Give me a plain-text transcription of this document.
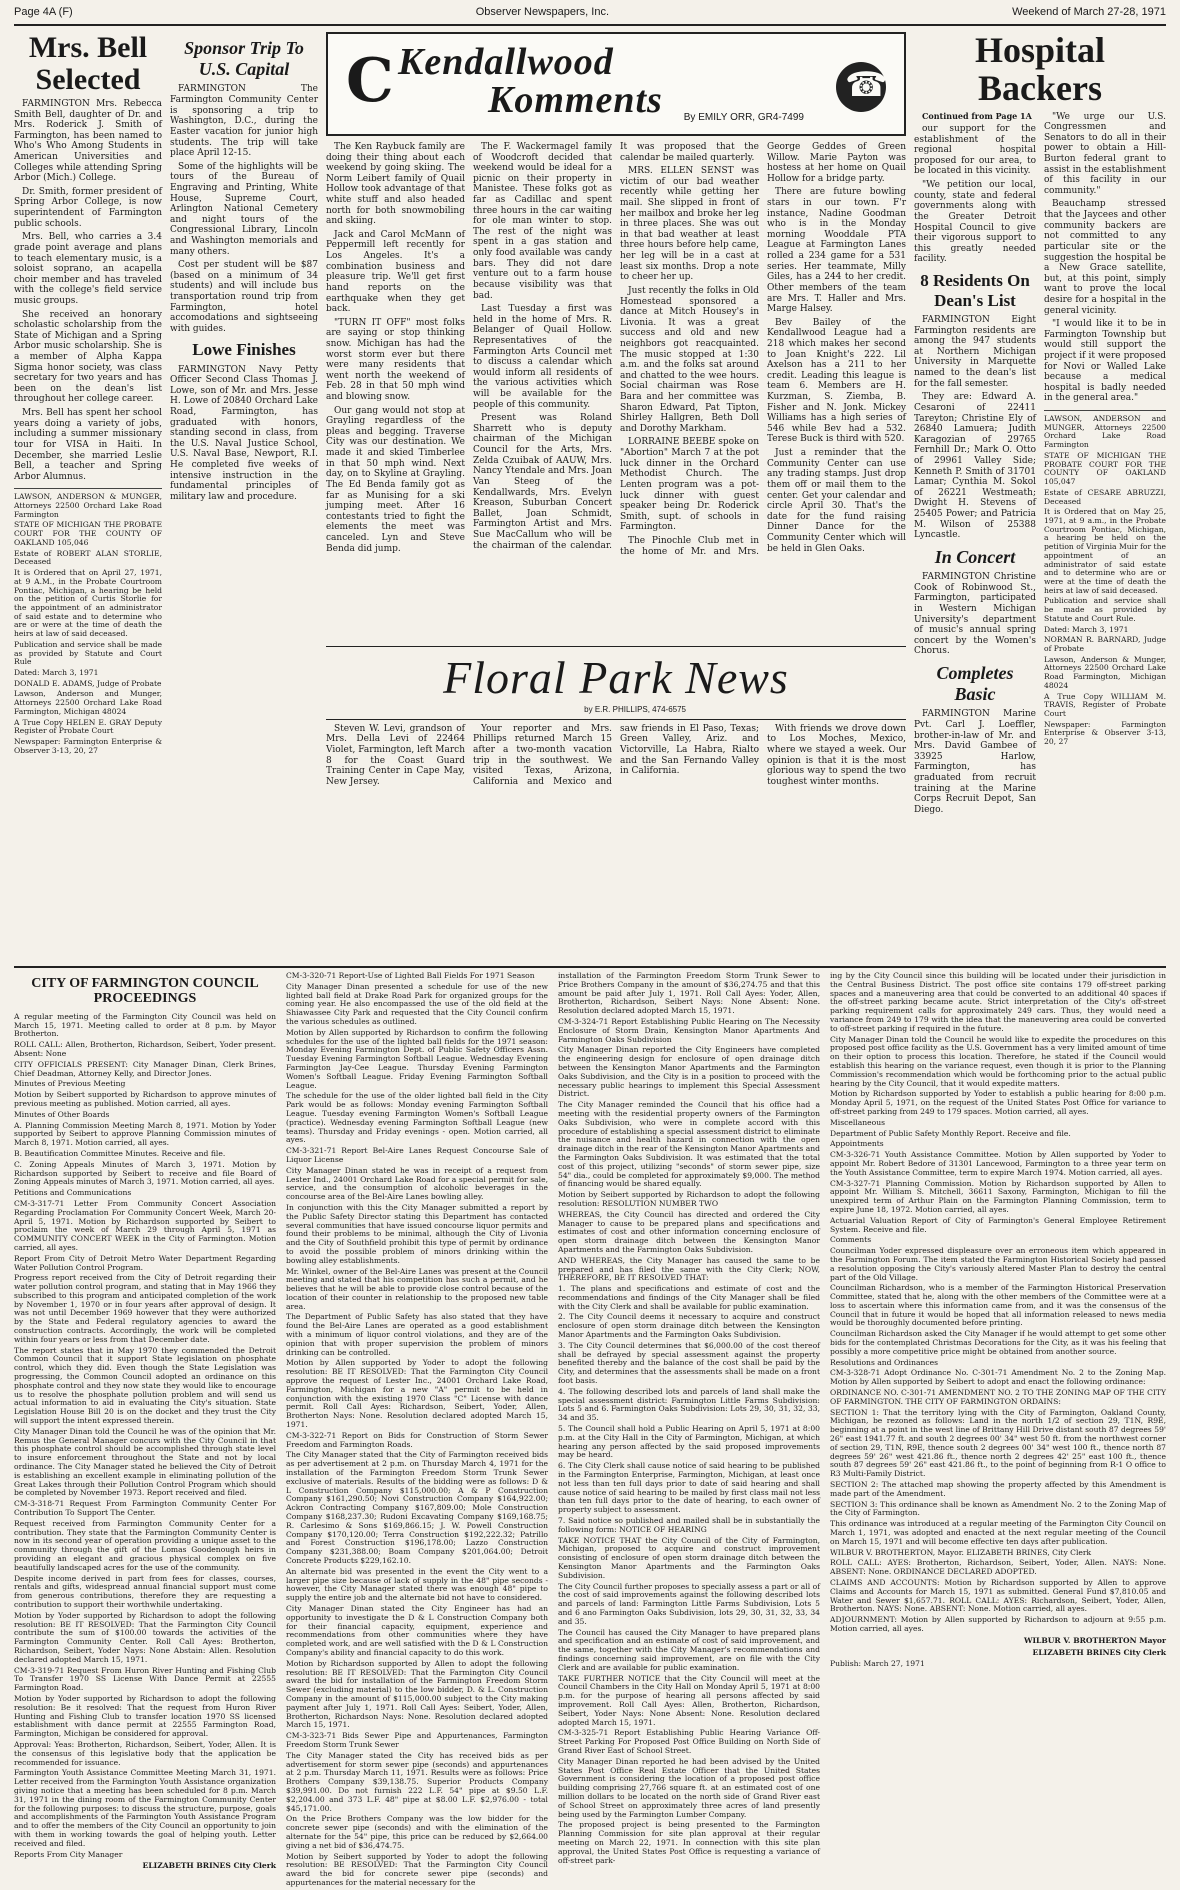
Page 4A (F)	Observer Newspapers, Inc.	Weekend of March 27-28, 1971
Mrs. Bell Selected

FARMINGTON Mrs. Rebecca Smith Bell, daughter of Dr. and Mrs. Roderick J. Smith of Farmington, has been named to Who's Who Among Students in American Universities and Colleges while attending Spring Arbor (Mich.) College.

Dr. Smith, former president of Spring Arbor College, is now superintendent of Farmington public schools.

Mrs. Bell, who carries a 3.4 grade point average and plans to teach elementary music, is a soloist soprano, an acapella choir member and has traveled with the college's field service music groups.

She received an honorary scholastic scholarship from the State of Michigan and a Spring Arbor music scholarship. She is a member of Alpha Kappa Sigma honor society, was class secretary for two years and has been on the dean's list throughout her college career.

Mrs. Bell has spent her school years doing a variety of jobs, including a summer missionary tour for VISA in Haiti. In December, she married Leslie Bell, a teacher and Spring Arbor Alumnus.

LAWSON, ANDERSON & MUNGER, Attorneys 22500 Orchard Lake Road Farmington

STATE OF MICHIGAN THE PROBATE COURT FOR THE COUNTY OF OAKLAND 105,046

Estate of ROBERT ALAN STORLIE, Deceased

It is Ordered that on April 27, 1971, at 9 A.M., in the Probate Courtroom Pontiac, Michigan, a hearing be held on the petition of Curtis Storlie for the appointment of an administrator of said estate and to determine who are or were at the time of death the heirs at law of said deceased.

Publication and service shall be made as provided by Statute and Court Rule

Dated: March 3, 1971

DONALD E. ADAMS, Judge of Probate

Lawson, Anderson and Munger, Attorneys 22500 Orchard Lake Road Farmington, Michigan 48024

A True Copy HELEN E. GRAY Deputy Register of Probate Court

Newspaper: Farmington Enterprise & Observer 3-13, 20, 27

Sponsor Trip To U.S. Capital

FARMINGTON The Farmington Community Center is sponsoring a trip to Washington, D.C., during the Easter vacation for junior high students. The trip will take place April 12-15.

Some of the highlights will be tours of the Bureau of Engraving and Printing, White House, Supreme Court, Arlington National Cemetery and night tours of the Congressional Library, Lincoln and Washington memorials and many others.

Cost per student will be $87 (based on a minimum of 34 students) and will include bus transportation round trip from Farmington, hotel accomodations and sightseeing with guides.

Lowe Finishes

FARMINGTON Navy Petty Officer Second Class Thomas J. Lowe, son of Mr. and Mrs. Jesse H. Lowe of 20840 Orchard Lake Road, Farmington, has graduated with honors, standing second in class, from the U.S. Naval Justice School, U.S. Naval Base, Newport, R.I. He completed five weeks of intensive instruction in the fundamental principles of military law and procedure.

C Kendallwood
Komments By EMILY ORR, GR4-7499
☎

The Ken Raybuck family are doing their thing about each weekend by going skiing. The Norm Leibert family of Quail Hollow took advantage of that white stuff and also headed north for both snowmobiling and skiing.

Jack and Carol McMann of Peppermill left recently for Los Angeles. It's a combination business and pleasure trip. We'll get first hand reports on the earthquake when they get back.

"TURN IT OFF" most folks are saying or stop thinking snow. Michigan has had the worst storm ever but there were many residents that went north the weekend of Feb. 28 in that 50 mph wind and blowing snow.

Our gang would not stop at Grayling regardless of the pleas and begging. Traverse City was our destination. We made it and skied Timberlee in that 50 mph wind. Next day, on to Skyline at Grayling. The Ed Benda family got as far as Munising for a ski jumping meet. After 16 contestants tried to fight the elements the meet was canceled. Lyn and Steve Benda did jump.

The F. Wackermagel family of Woodcroft decided that weekend would be ideal for a picnic on their property in Manistee. These folks got as far as Cadillac and spent three hours in the car waiting for ole man winter to stop. The rest of the night was spent in a gas station and only food available was candy bars. They did not dare venture out to a farm house because visibility was that bad.

Last Tuesday a first was held in the home of Mrs. R. Belanger of Quail Hollow. Representatives of the Farmington Arts Council met to discuss a calendar which would inform all residents of the various activities which will be available for the people of this community.

Present was Roland Sharrett who is deputy chairman of the Michigan Council for the Arts, Mrs. Zelda Czuibak of AAUW, Mrs. Nancy Ytendale and Mrs. Joan Van Steeg of the Kendallwards, Mrs. Evelyn Kreason, Suburban Concert Ballet, Joan Schmidt, Farmington Artist and Mrs. Sue MacCallum who will be the chairman of the calendar. It was proposed that the calendar be mailed quarterly.

MRS. ELLEN SENST was victim of our bad weather recently while getting her mail. She slipped in front of her mailbox and broke her leg in three places. She was out in that bad weather at least three hours before help came, her leg will be in a cast at least six months. Drop a note to cheer her up.

Just recently the folks in Old Homestead sponsored a dance at Mitch Housey's in Livonia. It was a great success and old and new neighbors got reacquainted. The music stopped at 1:30 a.m. and the folks sat around and chatted to the wee hours. Social chairman was Rose Bara and her committee was Sharon Edward, Pat Tipton, Shirley Hallgren, Beth Doll and Dorothy Markham.

LORRAINE BEEBE spoke on "Abortion" March 7 at the pot luck dinner in the Orchard Methodist Church. The Lenten program was a pot-luck dinner with guest speaker being Dr. Roderick Smith, supt. of schools in Farmington.

The Pinochle Club met in the home of Mr. and Mrs. George Geddes of Green Willow. Marie Payton was hostess at her home on Quail Hollow for a bridge party.

There are future bowling stars in our town. F'r instance, Nadine Goodman who is in the Monday morning Wooddale PTA League at Farmington Lanes rolled a 234 game for a 531 series. Her teammate, Milly Giles, has a 244 to her credit. Other members of the team are Mrs. T. Haller and Mrs. Marge Halsey.

Bev Bailey of the Kendallwood League had a 218 which makes her second to Joan Knight's 222. Lil Axelson has a 211 to her credit. Leading this league is team 6. Members are H. Kurzman, S. Ziemba, B. Fisher and N. Jonk. Mickey Williams has a high series of 546 while Bev had a 532. Terese Buck is third with 520.

Just a reminder that the Community Center can use any trading stamps. Just drop them off or mail them to the center. Get your calendar and circle April 30. That's the date for the fund raising Dinner Dance for the Community Center which will be held in Glen Oaks.

Floral Park News
by E.R. PHILLIPS, 474-6575

Steven W. Levi, grandson of Mrs. Della Levi of 22464 Violet, Farmington, left March 8 for the Coast Guard Training Center in Cape May, New Jersey.

Your reporter and Mrs. Phillips returned March 15 after a two-month vacation trip in the southwest. We visited Texas, Arizona, California and Mexico and saw friends in El Paso, Texas; Green Valley, Ariz. and Victorville, La Habra, Rialto and the San Fernando Valley in California.

With friends we drove down to Los Moches, Mexico, where we stayed a week. Our opinion is that it is the most glorious way to spend the two toughest winter months.

Hospital Backers

Continued from Page 1A

our support for the establishment of the regional hospital proposed for our area, to be located in this vicinity.

"We petition our local, county, state and federal governments along with the Greater Detroit Hospital Council to give their vigorous support to this greatly needed facility.

8 Residents On Dean's List

FARMINGTON Eight Farmington residents are among the 947 students at Northern Michigan University in Marquette named to the dean's list for the fall semester.

They are: Edward A. Cesaroni of 22411 Tareyton; Christine Ely of 26840 Lamuera; Judith Karagozian of 29765 Fernhill Dr.; Mark O. Otto of 29961 Valley Side; Kenneth P. Smith of 31701 Lamar; Cynthia M. Sokol of 26221 Westmeath; Dwight H. Stevens of 25405 Power; and Patricia M. Wilson of 25388 Lyncastle.

In Concert

FARMINGTON Christine Cook of Robinwood St., Farmington, participated in Western Michigan University's department of music's annual spring concert by the Women's Chorus.

Completes Basic

FARMINGTON Marine Pvt. Carl J. Loeffler, brother-in-law of Mr. and Mrs. David Gambee of 33925 Harlow, Farmington, has graduated from recruit training at the Marine Corps Recruit Depot, San Diego.

"We urge our U.S. Congressmen and Senators to do all in their power to obtain a Hill-Burton federal grant to assist in the establishment of this facility in our community."

Beauchamp stressed that the Jaycees and other community backers are not committed to any particular site or the suggestion the hospital be a New Grace satellite, but, at this point, simply want to prove the local desire for a hospital in the general vicinity.

"I would like it to be in Farmington Township but would still support the project if it were proposed for Novi or Walled Lake because a medical hospital is badly needed in the general area."

LAWSON, ANDERSON and MUNGER, Attorneys 22500 Orchard Lake Road Farmington

STATE OF MICHIGAN THE PROBATE COURT FOR THE COUNTY OF OAKLAND 105,047

Estate of CESARE ABRUZZI, Deceased

It is Ordered that on May 25, 1971, at 9 a.m., in the Probate Courtroom Pontiac, Michigan, a hearing be held on the petition of Virginia Muir for the appointment of an administrator of said estate and to determine who are or were at the time of death the heirs at law of said deceased.

Publication and service shall be made as provided by Statute and Court Rule.

Dated: March 3, 1971

NORMAN R. BARNARD, Judge of Probate

Lawson, Anderson & Munger, Attorneys 22500 Orchard Lake Road Farmington, Michigan 48024

A True Copy WILLIAM M. TRAVIS, Register of Probate Court

Newspaper: Farmington Enterprise & Observer 3-13, 20, 27

CITY OF FARMINGTON COUNCIL PROCEEDINGS

A regular meeting of the Farmington City Council was held on March 15, 1971. Meeting called to order at 8 p.m. by Mayor Brotherton.

ROLL CALL: Allen, Brotherton, Richardson, Seibert, Yoder present. Absent: None

CITY OFFICIALS PRESENT: City Manager Dinan, Clerk Brines, Chief Deadman, Attorney Kelly, and Director Jones.

Minutes of Previous Meeting

Motion by Seibert supported by Richardson to approve minutes of previous meeting as published. Motion carried, all ayes.

Minutes of Other Boards

A. Planning Commission Meeting March 8, 1971. Motion by Yoder supported by Seibert to approve Planning Commission minutes of March 8, 1971. Motion carried, all ayes.

B. Beautification Committee Minutes. Receive and file.

C. Zoning Appeals Minutes of March 3, 1971. Motion by Richardson supported by Seibert to receive and file Board of Zoning Appeals minutes of March 3, 1971. Motion carried, all ayes.

Petitions and Communications

CM-3-317-71 Letter From Community Concert Association Regarding Proclamation For Community Concert Week, March 20-April 5, 1971. Motion by Richardson supported by Seibert to proclaim the week of March 29 through April 5, 1971 as COMMUNITY CONCERT WEEK in the City of Farmington. Motion carried, all ayes.

Report From City of Detroit Metro Water Department Regarding Water Pollution Control Program.

Progress report received from the City of Detroit regarding their water pollution control program, and stating that in May 1966 they subscribed to this program and anticipated completion of the work by November 1, 1970 or in four years after approval of design. It was not until December 1969 however that they were authorized by the State and Federal regulatory agencies to award the construction contracts. Accordingly, the work will be completed within four years or less from that December date.

The report states that in May 1970 they commended the Detroit Common Council that it support State legislation on phosphate control, which they did. Even though the State Legislation was progressing, the Common Council adopted an ordinance on this phosphate control and they now state they would like to encourage us to resolve the phosphate pollution problem and will send us actual information to aid in evaluating the City's situation. State Legislation House Bill 20 is on the docket and they trust the City will support the intent expressed therein.

City Manager Dinan told the Council he was of the opinion that Mr. Remus the General Manager concurs with the City Council in that this phosphate control should be accomplished through state level to insure enforcement throughout the State and not by local ordinance. The City Manager stated he believed the City of Detroit is establishing an excellent example in eliminating pollution of the Great Lakes through their Pollution Control Program which should be completed by November 1973. Report received and filed.

CM-3-318-71 Request From Farmington Community Center For Contribution To Support The Center.

Request received from Farmington Community Center for a contribution. They state that the Farmington Community Center is now in its second year of operation providing a unique asset to the community through the gift of the Lomas Goodenough heirs in providing an elegant and gracious physical complex on five beautifully landscaped acres for the use of the community.

Despite income derived in part from fees for classes, courses, rentals and gifts, widespread annual financial support must come from generous contributions, therefore they are requesting a contribution to support their worthwhile undertaking.

Motion by Yoder supported by Richardson to adopt the following resolution: BE IT RESOLVED: That the Farmington City Council contribute the sum of $100.00 towards the activities of the Farmington Community Center. Roll Call Ayes: Brotherton, Richardson, Seibert, Yoder Nays: None Abstain: Allen. Resolution declared adopted March 15, 1971.

CM-3-319-71 Request From Huron River Hunting and Fishing Club To Transfer 1970 SS License With Dance Permit at 22555 Farmington Road.

Motion by Yoder supported by Richardson to adopt the following resolution: Be it resolved: That the request from Huron River Hunting and Fishing Club to transfer location 1970 SS licensed establishment with dance permit at 22555 Farmington Road, Farmington, Michigan be considered for approval.

Approval: Yeas: Brotherton, Richardson, Seibert, Yoder, Allen. It is the consensus of this legislative body that the application be recommended for issuance.

Farmington Youth Assistance Committee Meeting March 31, 1971. Letter received from the Farmington Youth Assistance organization giving notice that a meeting has been scheduled for 8 p.m. March 31, 1971 in the dining room of the Farmington Community Center for the following purposes: to discuss the structure, purpose, goals and accomplishments of the Farmington Youth Assistance Program and to offer the members of the City Council an opportunity to join with them in working towards the goal of helping youth. Letter received and filed.

Reports From City Manager

ELIZABETH BRINES City Clerk

CM-3-320-71 Report-Use of Lighted Ball Fields For 1971 Season

City Manager Dinan presented a schedule for use of the new lighted ball field at Drake Road Park for organized groups for the coming year. He also encompassed the use of the old field at the Shiawassee City Park and requested that the City Council confirm the various schedules as outlined.

Motion by Allen supported by Richardson to confirm the following schedules for the use of the lighted ball fields for the 1971 season: Monday Evening Farmington Dept. of Public Safety Officers Assn. Tuesday Evening Farmington Softball League. Wednesday Evening Farmington Jay-Cee League. Thursday Evening Farmington Women's Softball League. Friday Evening Farmington Softball League.

The schedule for the use of the older lighted ball field in the City Park would be as follows: Monday evening Farmington Softball League. Tuesday evening Farmington Women's Softball League (practice). Wednesday evening Farmington Softball League (new teams). Thursday and Friday evenings - open. Motion carried, all ayes.

CM-3-321-71 Report Bel-Aire Lanes Request Concourse Sale of Liquor License

City Manager Dinan stated he was in receipt of a request from Lester Ind., 24001 Orchard Lake Road for a special permit for sale, service, and the consumption of alcoholic beverages in the concourse area of the Bel-Aire Lanes bowling alley.

In conjunction with this the City Manager submitted a report by the Public Safety Director stating this Department has contacted several communities that have issued concourse liquor permits and found their problems to be minimal, although the City of Livonia and the City of Southfield prohibit this type of permit by ordinance to avoid the possible problem of minors drinking within the bowling alley establishments.

Mr. Winkel, owner of the Bel-Aire Lanes was present at the Council meeting and stated that his competition has such a permit, and he believes that he will be able to provide close control because of the location of their counter in relationship to the proposed new table area.

The Department of Public Safety has also stated that they have found the Bel-Aire Lanes are operated as a good establishment with a minimum of liquor control violations, and they are of the opinion that with proper supervision the problem of minors drinking can be controlled.

Motion by Allen supported by Yoder to adopt the following resolution: BE IT RESOLVED: That the Farmington City Council approve the request of Lester Inc., 24001 Orchard Lake Road, Farmington, Michigan for a new "A" permit to be held in conjunction with the existing 1970 Class "C" License with dance permit. Roll Call Ayes: Richardson, Seibert, Yoder, Allen, Brotherton Nays: None. Resolution declared adopted March 15, 1971.

CM-3-322-71 Report on Bids for Construction of Storm Sewer Freedom and Farmington Roads.

The City Manager stated that the City of Farmington received bids as per advertisement at 2 p.m. on Thursday March 4, 1971 for the installation of the Farmington Freedom Storm Trunk Sewer exclusive of materials. Results of the bidding were as follows: D & L Construction Company $115,000.00; A & P Construction Company $161,290.50; Novi Construction Company $164,922.00; Ackron Contracting Company $167,809.00; Mole Construction Company $168,237.30; Rudoni Excavating Company $169,168.75; R. Carlesimo & Sons $169,866.15; J. W. Powell Construction Company $170,120.00; Terra Construction $192,222.32; Patrillo and Forest Construction $196,178.00; Lazzo Construction Company $231,388.00; Boam Company $201,064.00; Detroit Concrete Products $229,162.10.

An alternate bid was presented in the event the City went to a larger pipe size because of lack of supply in the 48" pipe seconds - however, the City Manager stated there was enough 48" pipe to supply the entire job and the alternate bid not have to considered.

City Manager Dinan stated the City Engineer has had an opportunity to investigate the D & L Construction Company both for their financial capacity, equipment, experience and recommendations from other communities where they have completed work, and are well satisfied with the D & L Construction Company's ability and financial capacity to do this work.

Motion by Richardson supported by Allen to adopt the following resolution: BE IT RESOLVED: That the Farmington City Council award the bid for installation of the Farmington Freedom Storm Sewer (excluding material) to the low bidder, D. & L. Construction Company in the amount of $115,000.00 subject to the City making payment after July 1, 1971. Roll Call Ayes: Seibert, Yoder, Allen, Brotherton, Richardson Nays: None. Resolution declared adopted March 15, 1971.

CM-3-323-71 Bids Sewer Pipe and Appurtenances, Farmington Freedom Storm Trunk Sewer

The City Manager stated the City has received bids as per advertisement for storm sewer pipe (seconds) and appurtenances at 2 p.m. Thursday March 11, 1971. Results were as follows: Price Brothers Company $39,138.75. Superior Products Company $39,991.00. Do not furnish 222 L.F. 54" pipe at $9.50 L.F. $2,204.00 and 373 L.F. 48" pipe at $8.00 L.F. $2,976.00 - total $45,171.00.

On the Price Brothers Company was the low bidder for the concrete sewer pipe (seconds) and with the elimination of the alternate for the 54" pipe, this price can be reduced by $2,664.00 giving a net bid of $36,474.75.

Motion by Seibert supported by Yoder to adopt the following resolution: BE RESOLVED: That the Farmington City Council award the bid for concrete sewer pipe (seconds) and appurtenances for the material necessary for the

installation of the Farmington Freedom Storm Trunk Sewer to Price Brothers Company in the amount of $36,274.75 and that this amount be paid after July 1, 1971. Roll Call Ayes: Yoder, Allen, Brotherton, Richardson, Seibert Nays: None Absent: None. Resolution declared adopted March 15, 1971.

CM-3-324-71 Report Establishing Public Hearing on The Necessity Enclosure of Storm Drain, Kensington Manor Apartments And Farmington Oaks Subdivision

City Manager Dinan reported the City Engineers have completed the engineering design for enclosure of open drainage ditch between the Kensington Manor Apartments and the Farmington Oaks Subdivision, and the City is in a position to proceed with the necessary public hearings to implement this Special Assessment District.

The City Manager reminded the Council that his office had a meeting with the residential property owners of the Farmington Oaks Subdivision, who were in complete accord with this procedure of establishing a special assessment district to eliminate the nuisance and health hazard in connection with the open drainage ditch in the rear of the Kensington Manor Apartments and the Farmington Oaks Subdivision. It was estimated that the total cost of this project, utilizing "seconds" of storm sewer pipe, size 54" dia., could be completed for approximately $9,000. The method of financing would be shared equally.

Motion by Seibert supported by Richardson to adopt the following resolution: RESOLUTION NUMBER TWO

WHEREAS, the City Council has directed and ordered the City Manager to cause to be prepared plans and specifications and estimates of cost and other information concerning enclosure of open storm drainage ditch between the Kensington Manor Apartments and the Farmington Oaks Subdivision.

AND WHEREAS, the City Manager has caused the same to be prepared and has filed the same with the City Clerk; NOW, THEREFORE, BE IT RESOLVED THAT:

1. The plans and specifications and estimate of cost and the recommendations and findings of the City Manager shall be filed with the City Clerk and shall be available for public examination.

2. The City Council deems it necessary to acquire and construct enclosure of open storm drainage ditch between the Kensington Manor Apartments and the Farmington Oaks Subdivision.

3. The City Council determines that $6,000.00 of the cost thereof shall be defrayed by special assessment against the property benefited thereby and the balance of the cost shall be paid by the City, and determines that the assessments shall be made on a front foot basis.

4. The following described lots and parcels of land shall make the special assessment district: Farmington Little Farms Subdivision: Lots 5 and 6. Farmington Oaks Subdivision: Lots 29, 30, 31, 32, 33, 34 and 35.

5. The Council shall hold a Public Hearing on April 5, 1971 at 8:00 p.m. at the City Hall in the City of Farmington, Michigan, at which hearing any person affected by the said proposed improvements may be heard.

6. The City Clerk shall cause notice of said hearing to be published in the Farmington Enterprise, Farmington, Michigan, at least once not less than ten full days prior to date of said hearing and shall cause notice of said hearing to be mailed by first class mail not less than ten full days prior to the date of hearing, to each owner of property subject to assessment.

7. Said notice so published and mailed shall be in substantially the following form: NOTICE OF HEARING

TAKE NOTICE THAT the City Council of the City of Farmington, Michigan, proposed to acquire and construct improvement consisting of enclosure of open storm drainage ditch between the Kensington Manor Apartments and the Farmington Oaks Subdivision.

The City Council further proposes to specially assess a part or all of the cost of said improvements against the following described lots and parcels of land: Farmington Little Farms Subdivision, Lots 5 and 6 ano Farmington Oaks Subdivision, lots 29, 30, 31, 32, 33, 34 and 35.

The Council has caused the City Manager to have prepared plans and specification and an estimate of cost of said improvement, and the same, together with the City Manager's recommendations and findings concerning said improvement, are on file with the City Clerk and are available for public examination.

TAKE FURTHER NOTICE that the City Council will meet at the Council Chambers in the City Hall on Monday April 5, 1971 at 8:00 p.m. for the purpose of hearing all persons affected by said improvement. Roll Call Ayes: Allen, Brotherton, Richardson, Seibert, Yoder Nays: None Absent: None. Resolution declared adopted March 15, 1971.

CM-3-325-71 Report Establishing Public Hearing Variance Off-Street Parking For Proposed Post Office Building on North Side of Grand River East of School Street.

City Manager Dinan reported he had been advised by the United States Post Office Real Estate Officer that the United States Government is considering the location of a proposed post office building comprising 27,766 square ft. at an estimated cost of one million dollars to be located on the north side of Grand River east of School Street on approximately three acres of land presently being used by the Farmington Lumber Company.

The proposed project is being presented to the Farmington Planning Commission for site plan approval at their regular meeting on March 22, 1971. In connection with this site plan approval, the United States Post Office is requesting a variance of off-street park-

ing by the City Council since this building will be located under their jurisdiction in the Central Business District. The post office site contains 179 off-street parking spaces and a maneuvering area that could be converted to an additional 40 spaces if the off-street parking became acute. Strict interpretation of the City's off-street parking requirement calls for approximately 249 cars. Thus, they would need a variance from 249 to 179 with the idea that the maneuvering area could be converted to off-street parking if required in the future.

City Manager Dinan told the Council he would like to expedite the procedures on this proposed post office facility as the U.S. Government has a very limited amount of time on their option to process this location. Therefore, he stated if the Council would establish this hearing on the variance request, even though it is prior to the Planning Commission's recommendation which would be forthcoming prior to the actual public hearing by the City Council, that it would expedite matters.

Motion by Richardson supported by Yoder to establish a public hearing for 8:00 p.m. Monday April 5, 1971, on the request of the United States Post Office for variance to off-street parking from 249 to 179 spaces. Motion carried, all ayes.

Miscellaneous

Department of Public Safety Monthly Report. Receive and file.

Appointments

CM-3-326-71 Youth Assistance Committee. Motion by Allen supported by Yoder to appoint Mr. Robert Bedore of 31301 Lancewood, Farmington to a three year term on the Youth Assistance Committee, term to expire March 1974. Motion carried, all ayes.

CM-3-327-71 Planning Commission. Motion by Richardson supported by Allen to appoint Mr. William S. Mitchell, 36611 Saxony, Farmington, Michigan to fill the unexpired term of Arthur Plain on the Farmington Planning Commission, term to expire June 18, 1972. Motion carried, all ayes.

Actuarial Valuation Report of City of Farmington's General Employee Retirement System. Receive and file.

Comments

Councilman Yoder expressed displeasure over an erroneous item which appeared in the Farmington Forum. The item stated the Farmington Historical Society had passed a resolution opposing the City's variously altered Master Plan to destroy the central part of the Old Village.

Councilman Richardson, who is a member of the Farmington Historical Preservation Committee, stated that he, along with the other members of the Committee were at a loss to ascertain where this information came from, and it was the consensus of the Council that in future it would be hoped that all information released to news media would be thoroughly documented before printing.

Councilman Richardson asked the City Manager if he would attempt to get some other bids for the contemplated Christmas Decorations for the City, as it was his feeling that possibly a more competitive price might be obtained from another source.

Resolutions and Ordinances

CM-3-328-71 Adopt Ordinance No. C-301-71 Amendment No. 2 to the Zoning Map. Motion by Allen supported by Seibert to adopt and enact the following ordinance:

ORDINANCE NO. C-301-71 AMENDMENT NO. 2 TO THE ZONING MAP OF THE CITY OF FARMINGTON. THE CITY OF FARMINGTON ORDAINS:

SECTION 1: That the territory lying with the City of Farmington, Oakland County, Michigan, be rezoned as follows: Land in the north 1/2 of section 29, T1N, R9E, beginning at a point in the west line of Brittany Hill Drive distant south 87 degrees 59' 26" east 1941.77 ft. and south 2 degrees 00' 34" west 50 ft. from the northwest corner of section 29, T1N, R9E, thence south 2 degrees 00' 34" west 100 ft., thence north 87 degrees 59' 26" west 421.86 ft., thence north 2 degrees 42' 25" east 100 ft., thence south 87 degrees 59' 26" east 421.86 ft., to the point of beginning from R-1 O office to R3 Multi-Family District.

SECTION 2: The attached map showing the property affected by this Amendment is made part of the Amendment.

SECTION 3: This ordinance shall be known as Amendment No. 2 to the Zoning Map of the City of Farmington.

This ordinance was introduced at a regular meeting of the Farmington City Council on March 1, 1971, was adopted and enacted at the next regular meeting of the Council on March 15, 1971 and will become effective ten days after publication.

WILBUR V. BROTHERTON, Mayor. ELIZABETH BRINES, City Clerk

ROLL CALL: AYES: Brotherton, Richardson, Seibert, Yoder, Allen. NAYS: None. ABSENT: None. ORDINANCE DECLARED ADOPTED.

CLAIMS AND ACCOUNTS: Motion by Richardson supported by Allen to approve Claims and Accounts for March 15, 1971 as submitted. General Fund $7,810.05 and Water and Sewer $1,657.71. ROLL CALL: AYES: Richardson, Seibert, Yoder, Allen, Brotherton. NAYS: None. ABSENT: None. Motion carried, all ayes.

ADJOURNMENT: Motion by Allen supported by Richardson to adjourn at 9:55 p.m. Motion carried, all ayes.

WILBUR V. BROTHERTON Mayor
ELIZABETH BRINES City Clerk

Publish: March 27, 1971
